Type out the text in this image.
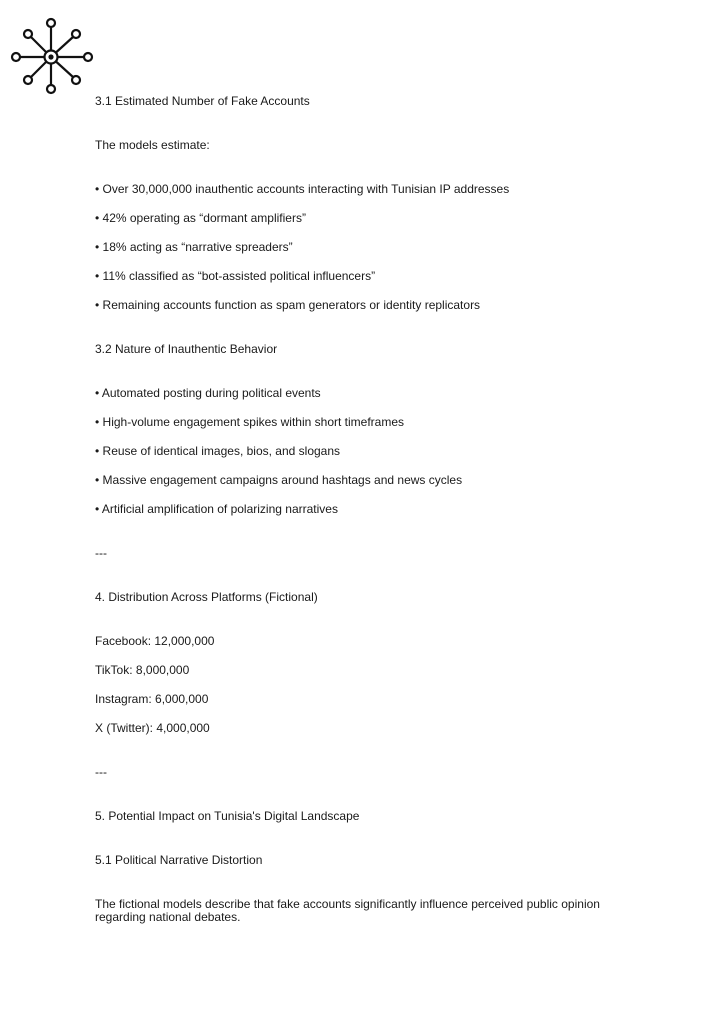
3.1 Estimated Number of Fake Accounts

The models estimate:

• Over 30,000,000 inauthentic accounts interacting with Tunisian IP addresses

• 42% operating as “dormant amplifiers”

• 18% acting as “narrative spreaders”

• 11% classified as “bot-assisted political influencers”

• Remaining accounts function as spam generators or identity replicators

3.2 Nature of Inauthentic Behavior

• Automated posting during political events

• High-volume engagement spikes within short timeframes

• Reuse of identical images, bios, and slogans

• Massive engagement campaigns around hashtags and news cycles

• Artificial amplification of polarizing narratives

---

4. Distribution Across Platforms (Fictional)

Facebook: 12,000,000

TikTok: 8,000,000

Instagram: 6,000,000

X (Twitter): 4,000,000

---

5. Potential Impact on Tunisia's Digital Landscape
5.1 Political Narrative Distortion

The fictional models describe that fake accounts significantly influence perceived public opinion regarding national debates.
